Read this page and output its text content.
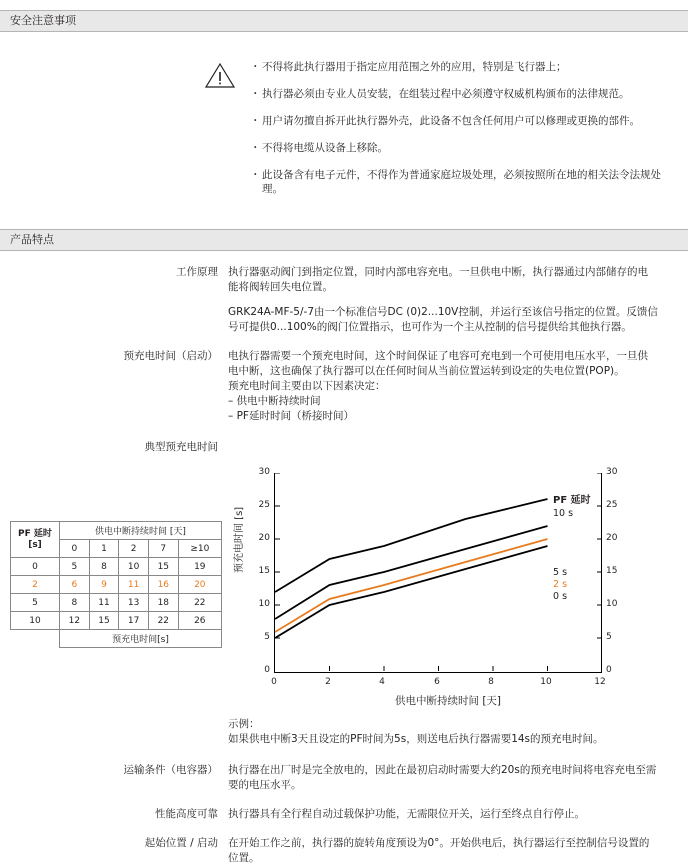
安全注意事项
・ 不得将此执行器用于指定应用范围之外的应用，特别是飞行器上；
・ 执行器必须由专业人员安装，在组装过程中必须遵守权威机构颁布的法律规范。
・ 用户请勿擅自拆开此执行器外壳，此设备不包含任何用户可以修理或更换的部件。
・ 不得将电缆从设备上移除。
・ 此设备含有电子元件，不得作为普通家庭垃圾处理，必须按照所在地的相关法令法规处理。
产品特点
工作原理 执行器驱动阀门到指定位置，同时内部电容充电。一旦供电中断，执行器通过内部储存的电能将阀转回失电位置。

GRK24A-MF-5/-7由一个标准信号DC (0)2...10V控制，并运行至该信号指定的位置。反馈信号可提供0...100%的阀门位置指示，也可作为一个主从控制的信号提供给其他执行器。

预充电时间（启动） 电执行器需要一个预充电时间，这个时间保证了电容可充电到一个可使用电压水平，一旦供电中断，这也确保了执行器可以在任何时间从当前位置运转到设定的失电位置(POP)。

预充电时间主要由以下因素决定：

– 供电中断持续时间

– PF延时时间（桥接时间）

典型预充电时间
PF 延时
[s]	供电中断持续时间 [天]				
	0	1	2	7	≥10
0	5	8	10	15	19
2	6	9	11	16	20
5	8	11	13	18	22
10	12	15	17	22	26
	预充电时间[s]				
预充电时间 [s]
30
25
20
15
10
5
0
30
25
20
15
10
5
0
0	2	4	6	8	10	12
PF 延时
10 s
5 s
2 s
0 s
供电中断持续时间 [天]

示例：

如果供电中断3天且设定的PF时间为5s，则送电后执行器需要14s的预充电时间。

运输条件（电容器） 执行器在出厂时是完全放电的，因此在最初启动时需要大约20s的预充电时间将电容充电至需要的电压水平。

性能高度可靠 执行器具有全行程自动过载保护功能，无需限位开关，运行至终点自行停止。

起始位置 / 启动 在开始工作之前，执行器的旋转角度预设为0°。开始供电后，执行器运行至控制信号设置的位置。
